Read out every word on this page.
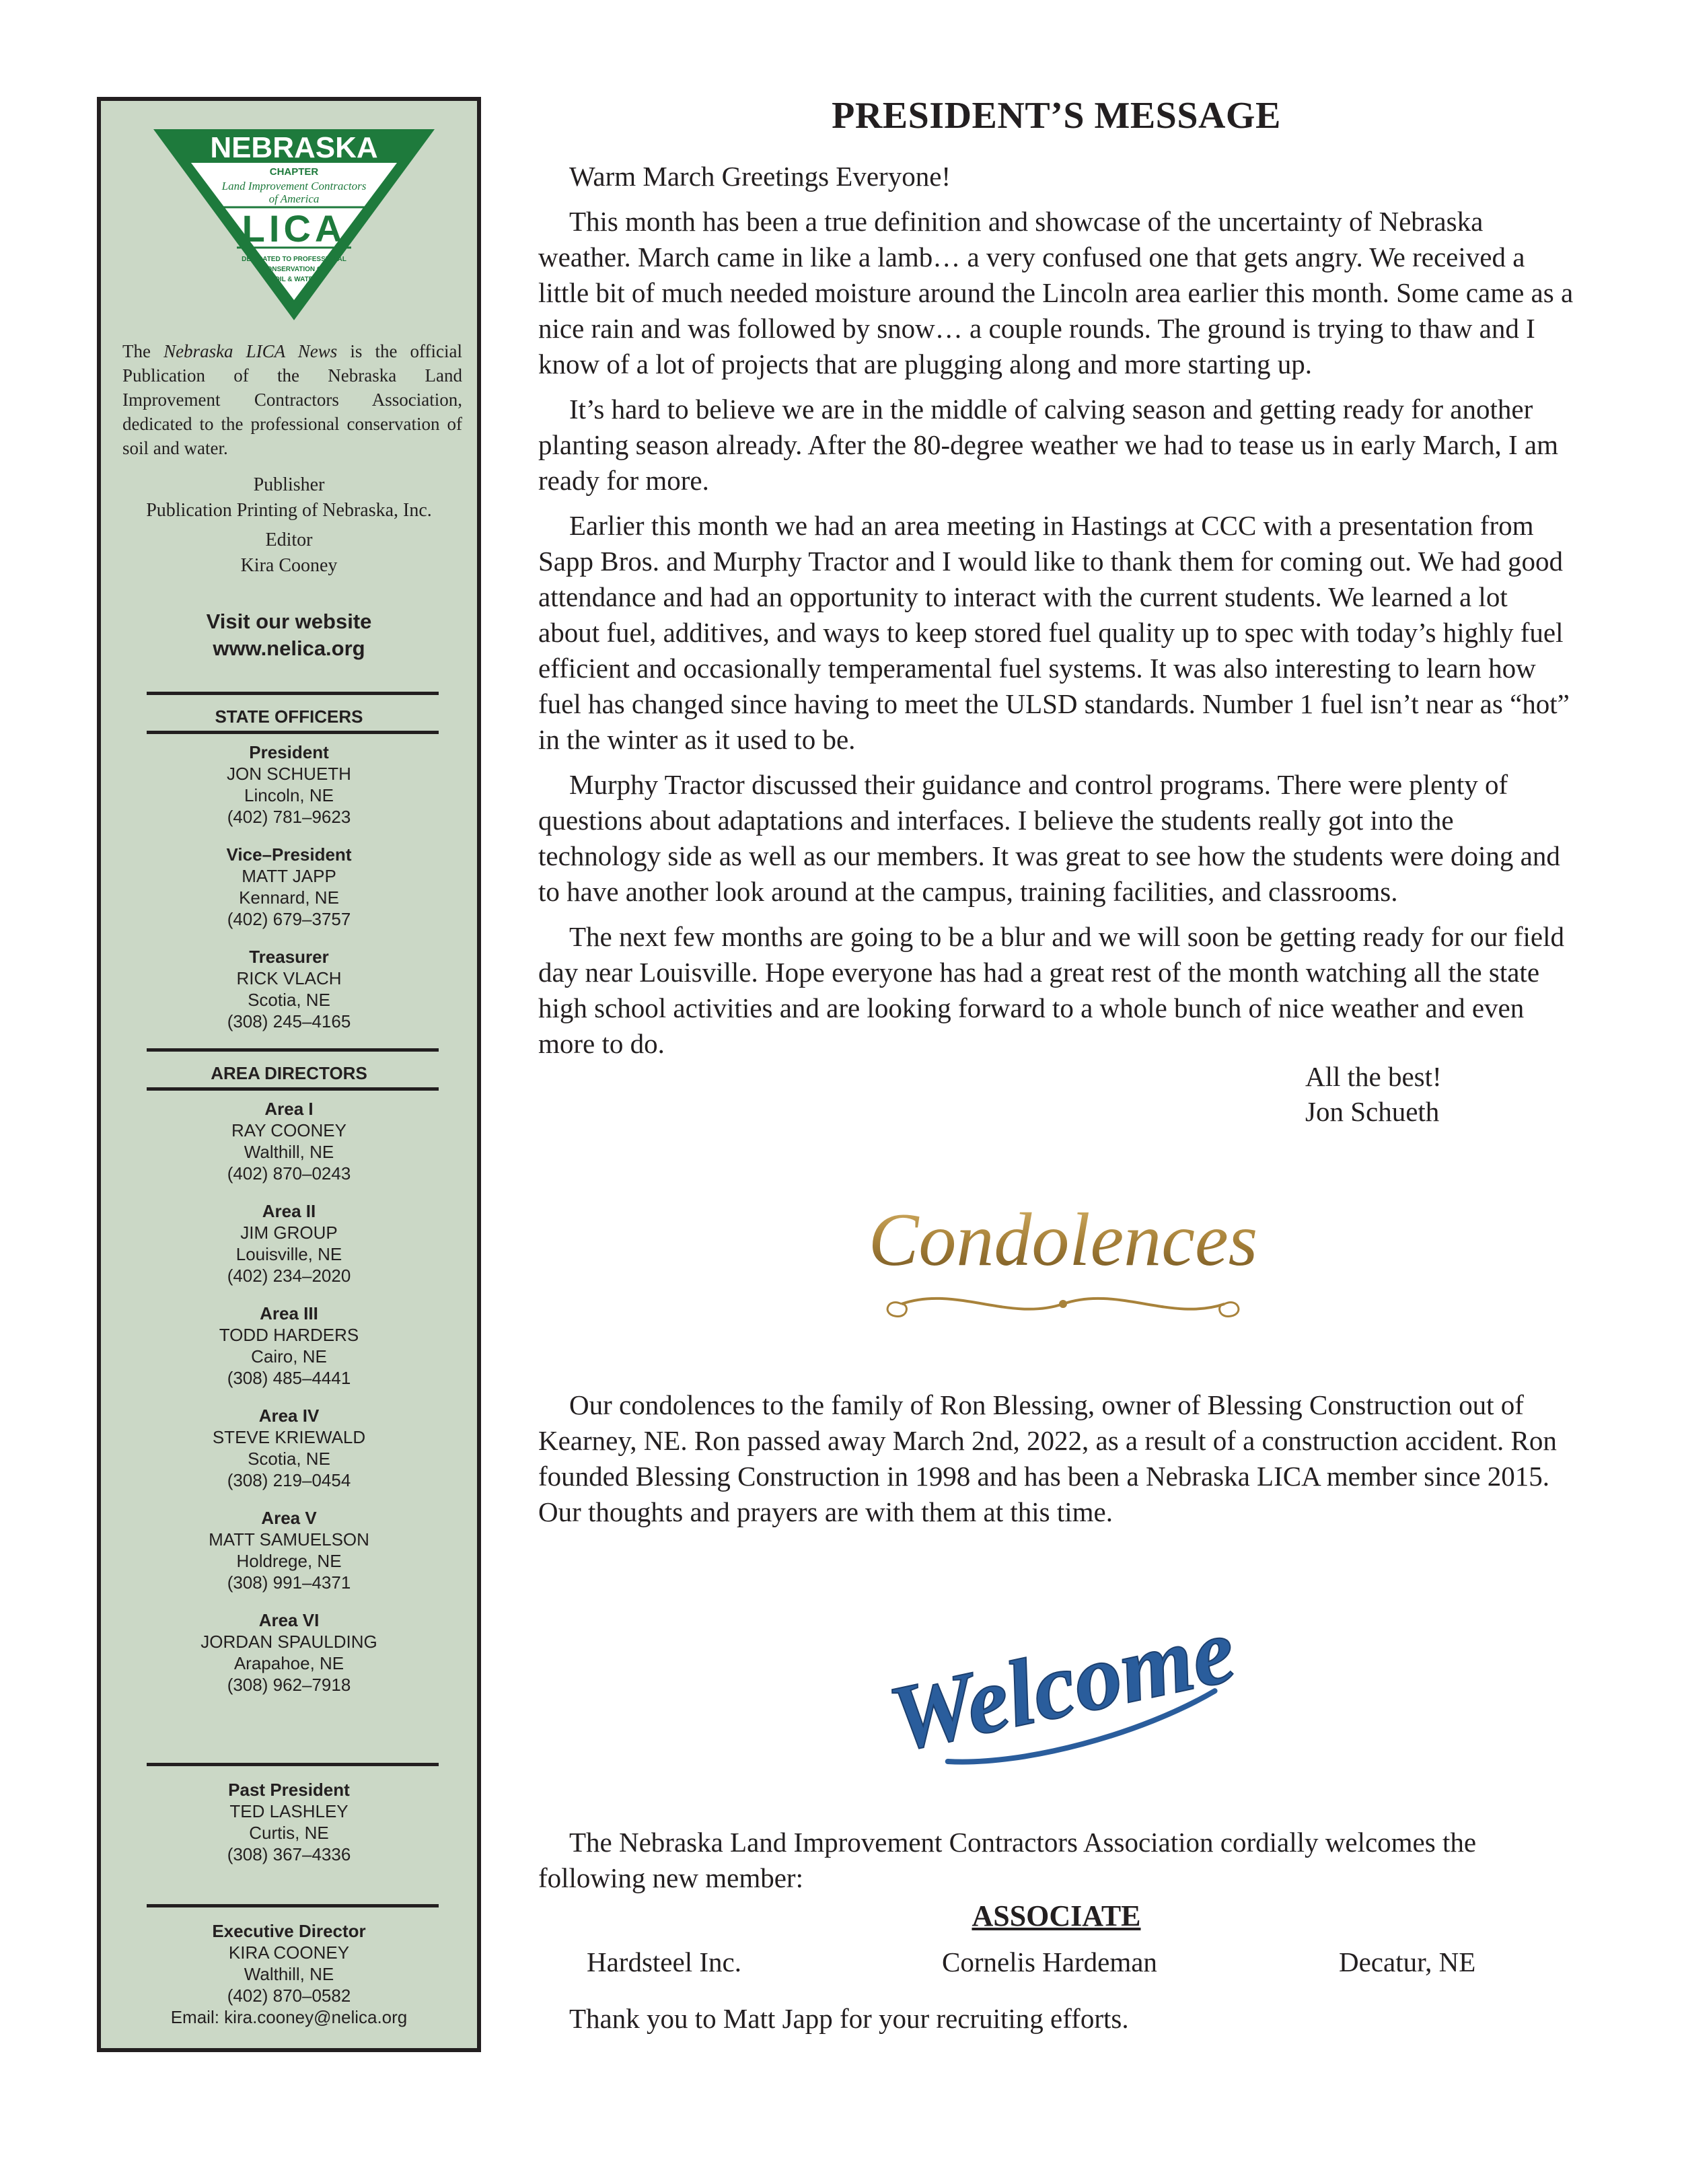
NEBRASKA
CHAPTER
Land Improvement Contractors
of America
LICA
DEDICATED TO PROFESSIONAL
CONSERVATION OF
SOIL & WATER
The Nebraska LICA News is the official Publication of the Nebraska Land Improvement Contractors Association, dedicated to the professional conservation of soil and water.
Publisher
Publication Printing of Nebraska, Inc.
Editor
Kira Cooney
Visit our website
www.nelica.org
STATE OFFICERS
President
JON SCHUETH
Lincoln, NE
(402) 781–9623
Vice–President
MATT JAPP
Kennard, NE
(402) 679–3757
Treasurer
RICK VLACH
Scotia, NE
(308) 245–4165
AREA DIRECTORS
Area I
RAY COONEY
Walthill, NE
(402) 870–0243
Area II
JIM GROUP
Louisville, NE
(402) 234–2020
Area III
TODD HARDERS
Cairo, NE
(308) 485–4441
Area IV
STEVE KRIEWALD
Scotia, NE
(308) 219–0454
Area V
MATT SAMUELSON
Holdrege, NE
(308) 991–4371
Area VI
JORDAN SPAULDING
Arapahoe, NE
(308) 962–7918
Past President
TED LASHLEY
Curtis, NE
(308) 367–4336
Executive Director
KIRA COONEY
Walthill, NE
(402) 870–0582
Email: kira.cooney@nelica.org
PRESIDENT’S MESSAGE

Warm March Greetings Everyone!

This month has been a true definition and showcase of the uncertainty of Nebraska weather. March came in like a lamb… a very confused one that gets angry. We received a little bit of much needed moisture around the Lincoln area earlier this month. Some came as a nice rain and was followed by snow… a couple rounds. The ground is trying to thaw and I know of a lot of projects that are plugging along and more starting up.

It’s hard to believe we are in the middle of calving season and getting ready for another planting season already. After the 80-degree weather we had to tease us in early March, I am ready for more.

Earlier this month we had an area meeting in Hastings at CCC with a presentation from Sapp Bros. and Murphy Tractor and I would like to thank them for coming out. We had good attendance and had an opportunity to interact with the current students. We learned a lot about fuel, additives, and ways to keep stored fuel quality up to spec with today’s highly fuel efficient and occasionally temperamental fuel systems. It was also interesting to learn how fuel has changed since having to meet the ULSD standards. Number 1 fuel isn’t near as “hot” in the winter as it used to be.

Murphy Tractor discussed their guidance and control programs. There were plenty of questions about adaptations and interfaces. I believe the students really got into the technology side as well as our members. It was great to see how the students were doing and to have another look around at the campus, training facilities, and classrooms.

The next few months are going to be a blur and we will soon be getting ready for our field day near Louisville. Hope everyone has had a great rest of the month watching all the state high school activities and are looking forward to a whole bunch of nice weather and even more to do.

All the best!
Jon Schueth
Condolences

Our condolences to the family of Ron Blessing, owner of Blessing Construction out of Kearney, NE. Ron passed away March 2nd, 2022, as a result of a construction accident. Ron founded Blessing Construction in 1998 and has been a Nebraska LICA member since 2015. Our thoughts and prayers are with them at this time.

Welcome

The Nebraska Land Improvement Contractors Association cordially welcomes the following new member:

ASSOCIATE
Hardsteel Inc.	Cornelis Hardeman	Decatur, NE

Thank you to Matt Japp for your recruiting efforts.
